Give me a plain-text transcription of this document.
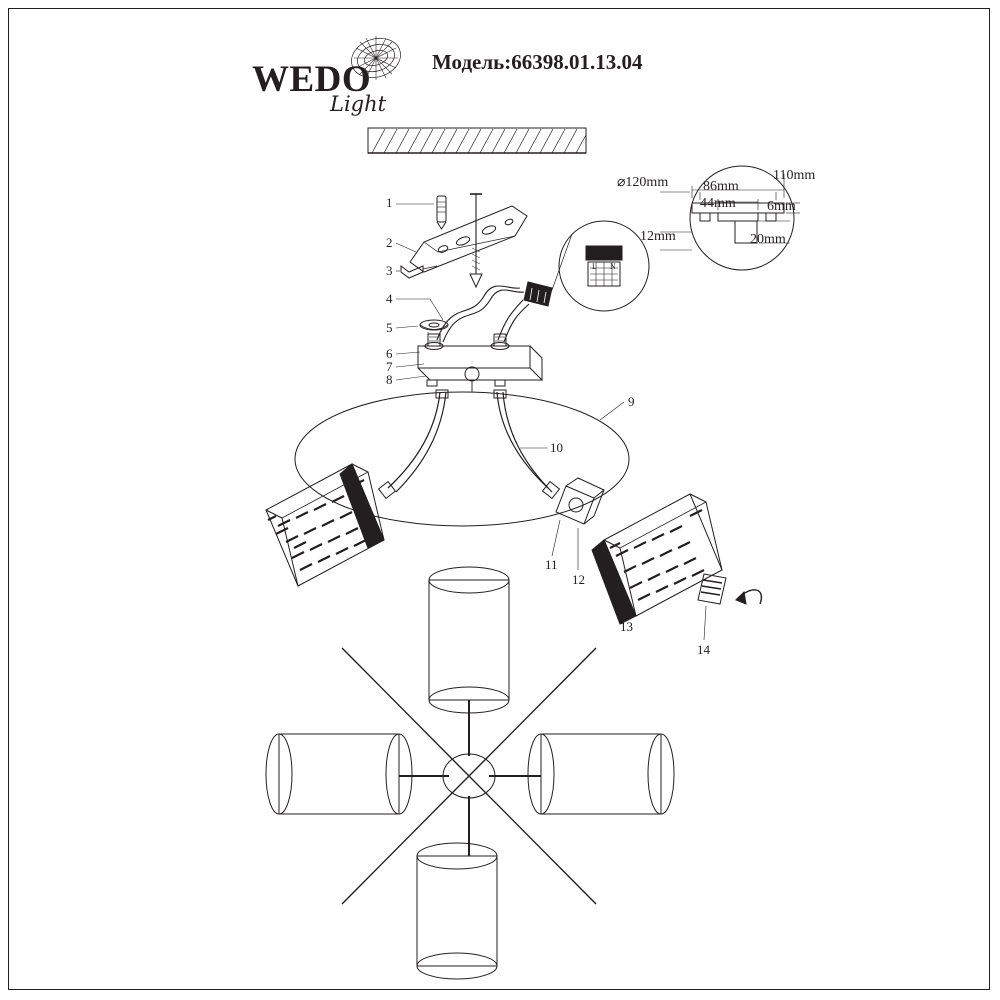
WEDO
Light
Модель:66398.01.13.04
1
2
3
4
5
6
7
8
9
10
11
12
13
14
⌀120mm 86mm
44mm
110mm
6mm
20mm
12mm
L N
